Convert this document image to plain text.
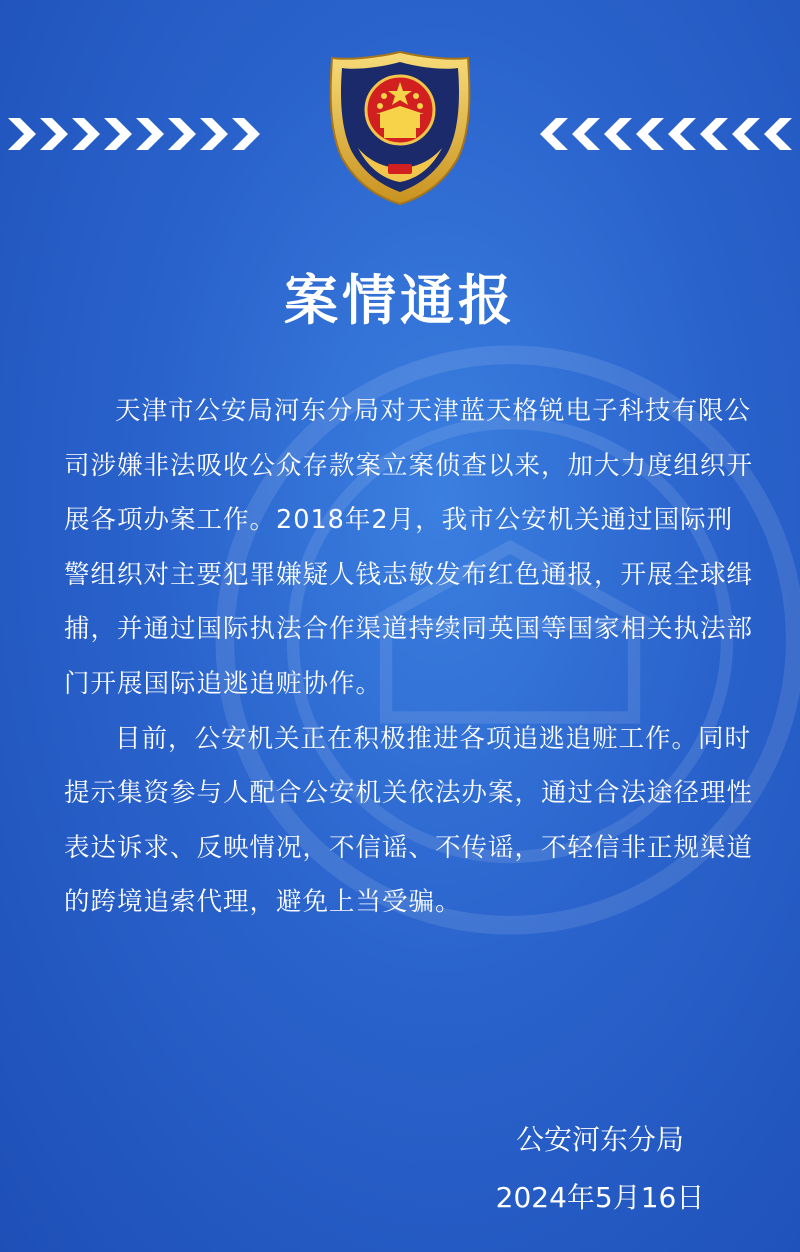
案情通报

天津市公安局河东分局对天津蓝天格锐电子科技有限公司涉嫌非法吸收公众存款案立案侦查以来，加大力度组织开展各项办案工作。2018年2月，我市公安机关通过国际刑警组织对主要犯罪嫌疑人钱志敏发布红色通报，开展全球缉捕，并通过国际执法合作渠道持续同英国等国家相关执法部门开展国际追逃追赃协作。

目前，公安机关正在积极推进各项追逃追赃工作。同时提示集资参与人配合公安机关依法办案，通过合法途径理性表达诉求、反映情况，不信谣、不传谣，不轻信非正规渠道的跨境追索代理，避免上当受骗。

公安河东分局
2024年5月16日
